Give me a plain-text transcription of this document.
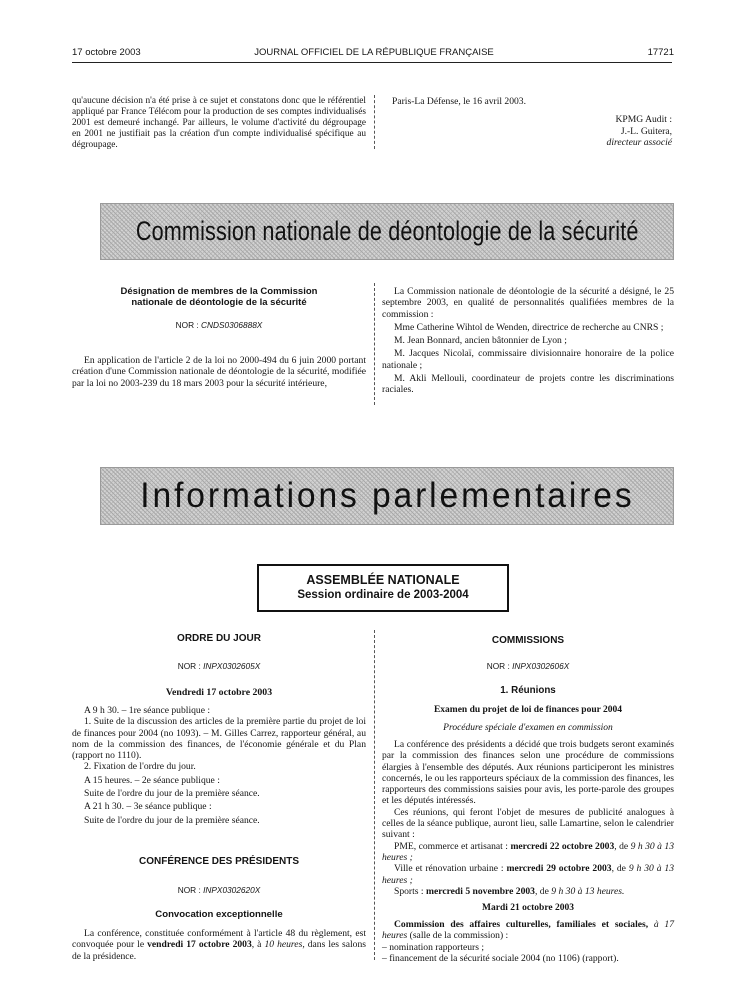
17 octobre 2003	JOURNAL OFFICIEL DE LA RÉPUBLIQUE FRANÇAISE	17721

qu'aucune décision n'a été prise à ce sujet et constatons donc que le référentiel appliqué par France Télécom pour la production de ses comptes individualisés 2001 est demeuré inchangé. Par ailleurs, le volume d'activité du dégroupage en 2001 ne justifiait pas la création d'un compte individualisé spécifique au dégroupage.

Paris-La Défense, le 16 avril 2003.

KPMG Audit :
J.-L. Guitera,
directeur associé
Commission nationale de déontologie de la sécurité
Désignation de membres de la Commission
nationale de déontologie de la sécurité
NOR : CNDS0306888X

En application de l'article 2 de la loi no 2000-494 du 6 juin 2000 portant création d'une Commission nationale de déontologie de la sécurité, modifiée par la loi no 2003-239 du 18 mars 2003 pour la sécurité intérieure,

La Commission nationale de déontologie de la sécurité a désigné, le 25 septembre 2003, en qualité de personnalités qualifiées membres de la commission :

Mme Catherine Wihtol de Wenden, directrice de recherche au CNRS ;

M. Jean Bonnard, ancien bâtonnier de Lyon ;

M. Jacques Nicolaï, commissaire divisionnaire honoraire de la police nationale ;

M. Akli Mellouli, coordinateur de projets contre les discriminations raciales.

Informations parlementaires
ASSEMBLÉE NATIONALE
Session ordinaire de 2003-2004
ORDRE DU JOUR
NOR : INPX0302605X
Vendredi 17 octobre 2003

A 9 h 30. – 1re séance publique :

1. Suite de la discussion des articles de la première partie du projet de loi de finances pour 2004 (no 1093). – M. Gilles Carrez, rapporteur général, au nom de la commission des finances, de l'économie générale et du Plan (rapport no 1110).

2. Fixation de l'ordre du jour.

A 15 heures. – 2e séance publique :

Suite de l'ordre du jour de la première séance.

A 21 h 30. – 3e séance publique :

Suite de l'ordre du jour de la première séance.

CONFÉRENCE DES PRÉSIDENTS
NOR : INPX0302620X
Convocation exceptionnelle

La conférence, constituée conformément à l'article 48 du règlement, est convoquée pour le vendredi 17 octobre 2003, à 10 heures, dans les salons de la présidence.

COMMISSIONS
NOR : INPX0302606X
1. Réunions
Examen du projet de loi de finances pour 2004
Procédure spéciale d'examen en commission

La conférence des présidents a décidé que trois budgets seront examinés par la commission des finances selon une procédure de commissions élargies à l'ensemble des députés. Aux réunions participeront les ministres concernés, le ou les rapporteurs spéciaux de la commission des finances, les rapporteurs des commissions saisies pour avis, les porte-parole des groupes et les députés intéressés.

Ces réunions, qui feront l'objet de mesures de publicité analogues à celles de la séance publique, auront lieu, salle Lamartine, selon le calendrier suivant :

PME, commerce et artisanat : mercredi 22 octobre 2003, de 9 h 30 à 13 heures ;

Ville et rénovation urbaine : mercredi 29 octobre 2003, de 9 h 30 à 13 heures ;

Sports : mercredi 5 novembre 2003, de 9 h 30 à 13 heures.

Mardi 21 octobre 2003

Commission des affaires culturelles, familiales et sociales, à 17 heures (salle de la commission) :

– nomination rapporteurs ;

– financement de la sécurité sociale 2004 (no 1106) (rapport).
